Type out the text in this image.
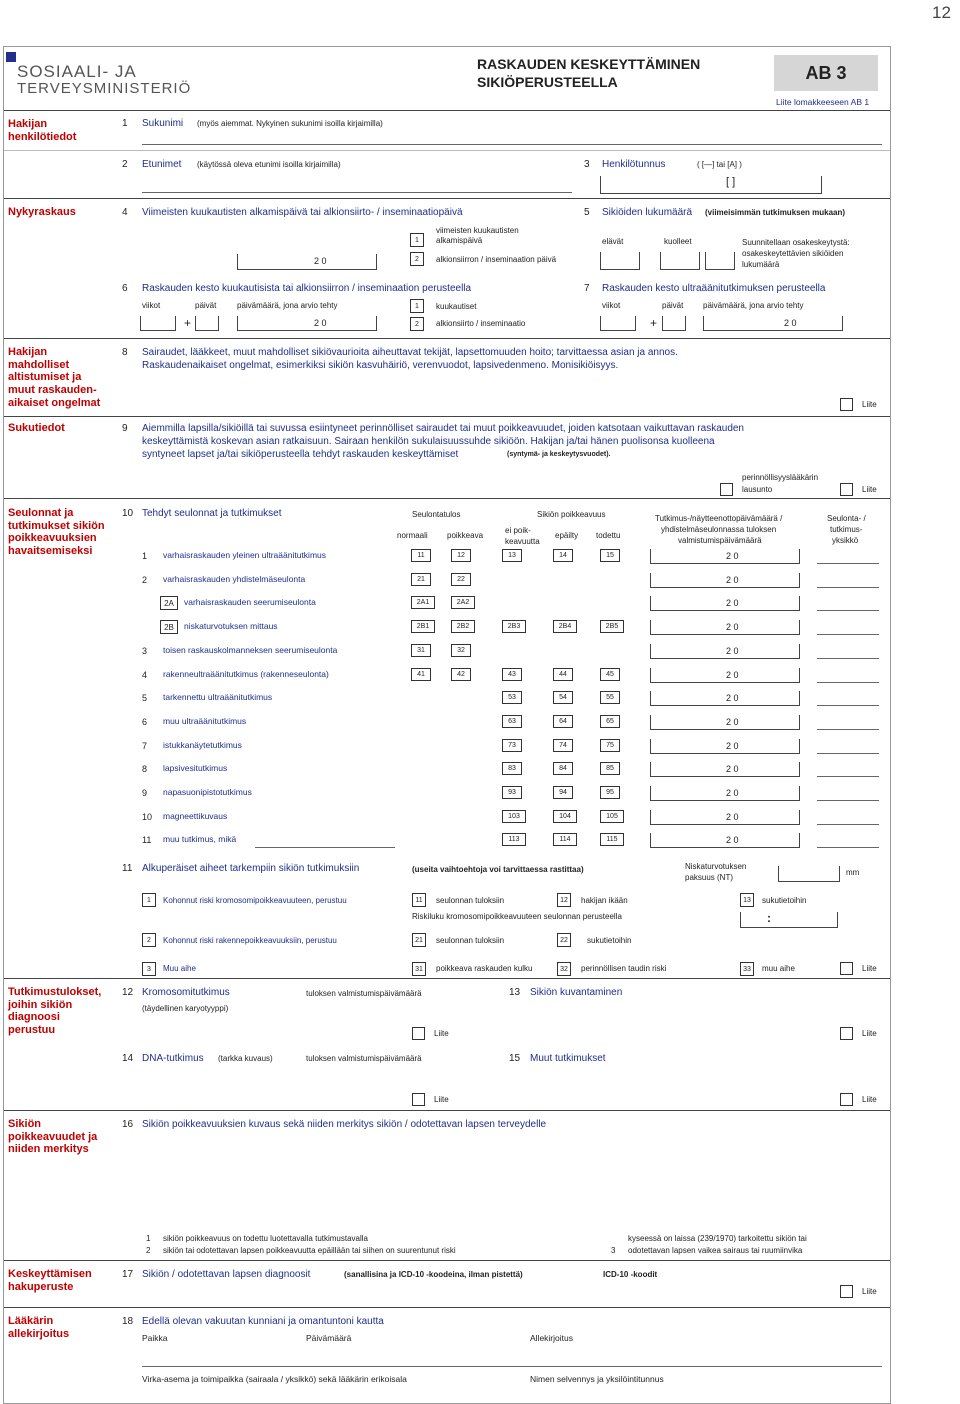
12
SOSIAALI- JA
TERVEYSMINISTERIÖ
RASKAUDEN KESKEYTTÄMINEN
SIKIÖPERUSTEELLA	AB 3
Liite lomakkeeseen AB 1
Hakijan henkilötiedot
Nykyraskaus
Hakijan mahdolliset altistumiset ja muut raskauden-aikaiset ongelmat
Sukutiedot
Seulonnat ja tutkimukset sikiön poikkeavuuksien havaitsemiseksi
Tutkimustulokset, joihin sikiön diagnoosi perustuu
Sikiön poikkeavuudet ja niiden merkitys
Keskeyttämisen hakuperuste
Lääkärin allekirjoitus
1 Sukunimi (myös aiemmat. Nykyinen sukunimi isoilla kirjaimilla)
2 Etunimet (käytössä oleva etunimi isoilla kirjaimilla)	3 Henkilötunnus	( [—] tai [A] )
[ ]
4 Viimeisten kuukautisten alkamispäivä tai alkionsiirto- / inseminaatiopäivä
2 0
1
viimeisten kuukautisten
alkamispäivä
2	alkionsiirron / inseminaation päivä
5 Sikiöiden lukumäärä (viimeisimmän tutkimuksen mukaan)
elävät	kuolleet	Suunnitellaan osakeskeytystä:
osakeskeytettävien sikiöiden
lukumäärä
6 Raskauden kesto kuukautisista tai alkionsiirron / inseminaation perusteella
viikot	päivät	päivämäärä, jona arvio tehty
+	2 0
1	kuukautiset
2	alkionsiirto / inseminaatio
7 Raskauden kesto ultraäänitutkimuksen perusteella
viikot	päivät päivämäärä, jona arvio tehty
+	2 0
8 Sairaudet, lääkkeet, muut mahdolliset sikiövaurioita aiheuttavat tekijät, lapsettomuuden hoito; tarvittaessa asian ja annos.
Raskaudenaikaiset ongelmat, esimerkiksi sikiön kasvuhäiriö, verenvuodot, lapsivedenmeno. Monisikiöisyys.
Liite
9 Aiemmilla lapsilla/sikiöillä tai suvussa esiintyneet perinnölliset sairaudet tai muut poikkeavuudet, joiden katsotaan vaikuttavan raskauden
keskeyttämistä koskevan asian ratkaisuun. Sairaan henkilön sukulaisuussuhde sikiöön. Hakijan ja/tai hänen puolisonsa kuolleena
syntyneet lapset ja/tai sikiöperusteella tehdyt raskauden keskeyttämiset	(syntymä- ja keskeytysvuodet).
perinnöllisyyslääkärin
lausunto	Liite
10 Tehdyt seulonnat ja tutkimukset	Seulontatulos	Sikiön poikkeavuus
normaali poikkeava
ei poik-
keavuutta
epäilty todettu
Tutkimus-/näytteenottopäivämäärä /
yhdistelmäseulonnassa tuloksen
valmistumispäivämäärä
Seulonta- /
tutkimus-
yksikkö
1 varhaisraskauden yleinen ultraäänitutkimus	11	12	13	14	15	2 0
2 varhaisraskauden yhdistelmäseulonta	21	22	2 0
2A	varhaisraskauden seerumiseulonta	2A1	2A2	2 0
2B	niskaturvotuksen mittaus	2B1	2B2	2B3	2B4	2B5	2 0
3 toisen raskauskolmanneksen seerumiseulonta	31	32	2 0
4 rakenneultraäänitutkimus (rakenneseulonta)	41	42	43	44	45	2 0
5 tarkennettu ultraäänitutkimus	53	54	55	2 0
6 muu ultraäänitutkimus	63	64	65	2 0
7 istukkanäytetutkimus	73	74	75	2 0
8 lapsivesitutkimus	83	84	85	2 0
9 napasuonipistotutkimus	93	94	95	2 0
10 magneettikuvaus	103	104	105	2 0
11 muu tutkimus, mikä	113	114	115	2 0
11 Alkuperäiset aiheet tarkempiin sikiön tutkimuksiin	(useita vaihtoehtoja voi tarvittaessa rastittaa)	Niskaturvotuksen
paksuus (NT)
mm
1	Kohonnut riski kromosomipoikkeavuuteen, perustuu	11	seulonnan tuloksiin	12	hakijan ikään	13	sukutietoihin
Riskiluku kromosomipoikkeavuuteen seulonnan perusteella	:
2	Kohonnut riski rakennepoikkeavuuksiin, perustuu	21	seulonnan tuloksiin	22	sukutietoihin
3	Muu aihe	31	poikkeava raskauden kulku	32	perinnöllisen taudin riski	33	muu aihe	Liite
12 Kromosomitutkimus
(täydellinen karyotyyppi)
tuloksen valmistumispäivämäärä
Liite
13 Sikiön kuvantaminen
Liite
14 DNA-tutkimus (tarkka kuvaus)	tuloksen valmistumispäivämäärä
Liite
15 Muut tutkimukset
Liite
16 Sikiön poikkeavuuksien kuvaus sekä niiden merkitys sikiön / odotettavan lapsen terveydelle
1 sikiön poikkeavuus on todettu luotettavalla tutkimustavalla
2 sikiön tai odotettavan lapsen poikkeavuutta epäillään tai siihen on suurentunut riski	3
kyseessä on laissa (239/1970) tarkoitettu sikiön tai
odotettavan lapsen vaikea sairaus tai ruumiinvika
17 Sikiön / odotettavan lapsen diagnoosit	(sanallisina ja ICD-10 -koodeina, ilman pistettä)	ICD-10 -koodit
Liite
18 Edellä olevan vakuutan kunniani ja omantuntoni kautta
Paikka	Päivämäärä	Allekirjoitus
Virka-asema ja toimipaikka (sairaala / yksikkö) sekä lääkärin erikoisala	Nimen selvennys ja yksilöintitunnus
